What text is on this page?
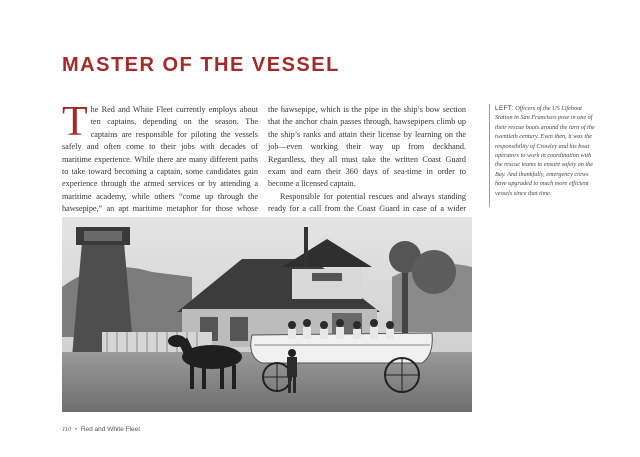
MASTER OF THE VESSEL

The Red and White Fleet currently employs about ten captains, depending on the season. The captains are responsible for piloting the vessels safely and often come to their jobs with decades of maritime experience. While there are many different paths to take toward becoming a captain, some candidates gain experience through the armed services or by attending a maritime academy, while others “come up through the hawsepipe,” an apt maritime metaphor for those whose

the hawsepipe, which is the pipe in the ship’s bow section that the anchor chain passes through, hawsepipers climb up the ship’s ranks and attain their license by learning on the job—even working their way up from deckhand. Regardless, they all must take the written Coast Guard exam and earn their 360 days of sea-time in order to become a licensed captain.

Responsible for potential rescues and always standing ready for a call from the Coast Guard in case of a wider

LEFT: Officers of the US Lifeboat Station in San Francisco pose in one of their rescue boats around the turn of the twentieth century. Even then, it was the responsibility of Crowley and his boat operators to work in coordination with the rescue teams to ensure safety on the Bay. And thankfully, emergency crews have upgraded to much more efficient vessels since that time.
110 • Red and White Fleet
